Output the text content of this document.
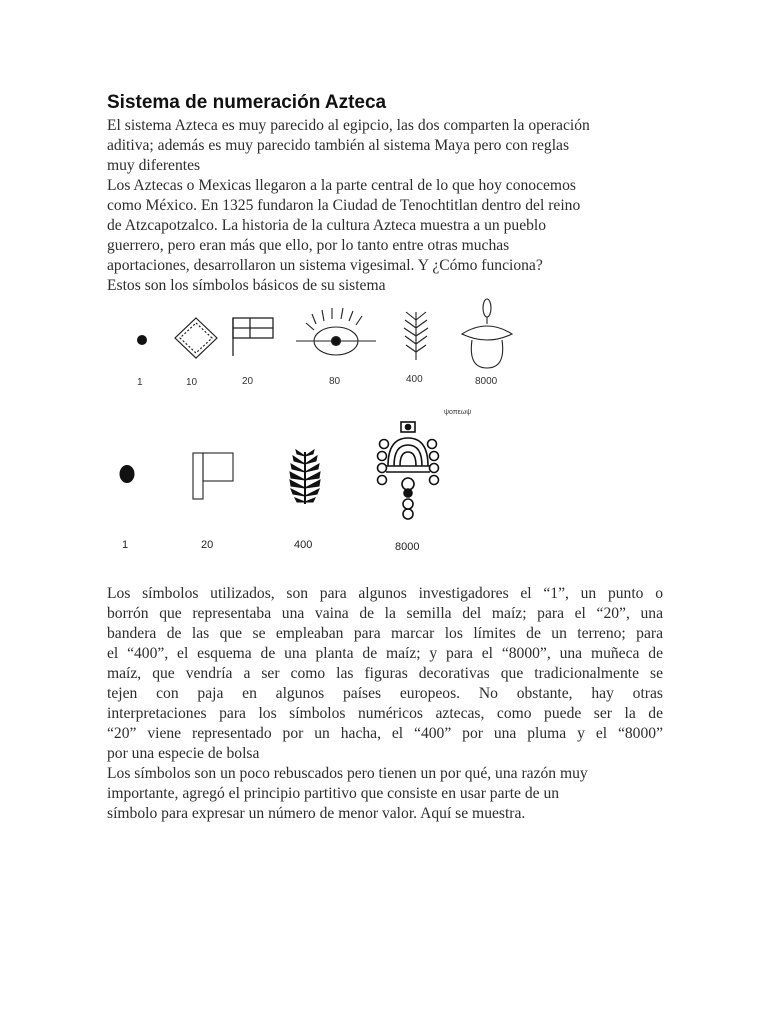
Sistema de numeración Azteca
El sistema Azteca es muy parecido al egipcio, las dos comparten la operación
aditiva; además es muy parecido también al sistema Maya pero con reglas
muy diferentes
Los Aztecas o Mexicas llegaron a la parte central de lo que hoy conocemos
como México. En 1325 fundaron la Ciudad de Tenochtitlan dentro del reino
de Atzcapotzalco. La historia de la cultura Azteca muestra a un pueblo
guerrero, pero eran más que ello, por lo tanto entre otras muchas
aportaciones, desarrollaron un sistema vigesimal. Y ¿Cómo funciona?
Estos son los símbolos básicos de su sistema
1	10	20	80	400	8000
ψοπεωψ
1	20	400	8000
Los símbolos utilizados, son para algunos investigadores el “1”, un punto o
borrón que representaba una vaina de la semilla del maíz; para el “20”, una
bandera de las que se empleaban para marcar los límites de un terreno; para
el “400”, el esquema de una planta de maíz; y para el “8000”, una muñeca de
maíz, que vendría a ser como las figuras decorativas que tradicionalmente se
tejen con paja en algunos países europeos. No obstante, hay otras
interpretaciones para los símbolos numéricos aztecas, como puede ser la de
“20” viene representado por un hacha, el “400” por una pluma y el “8000”
por una especie de bolsa
Los símbolos son un poco rebuscados pero tienen un por qué, una razón muy
importante, agregó el principio partitivo que consiste en usar parte de un
símbolo para expresar un número de menor valor. Aquí se muestra.
